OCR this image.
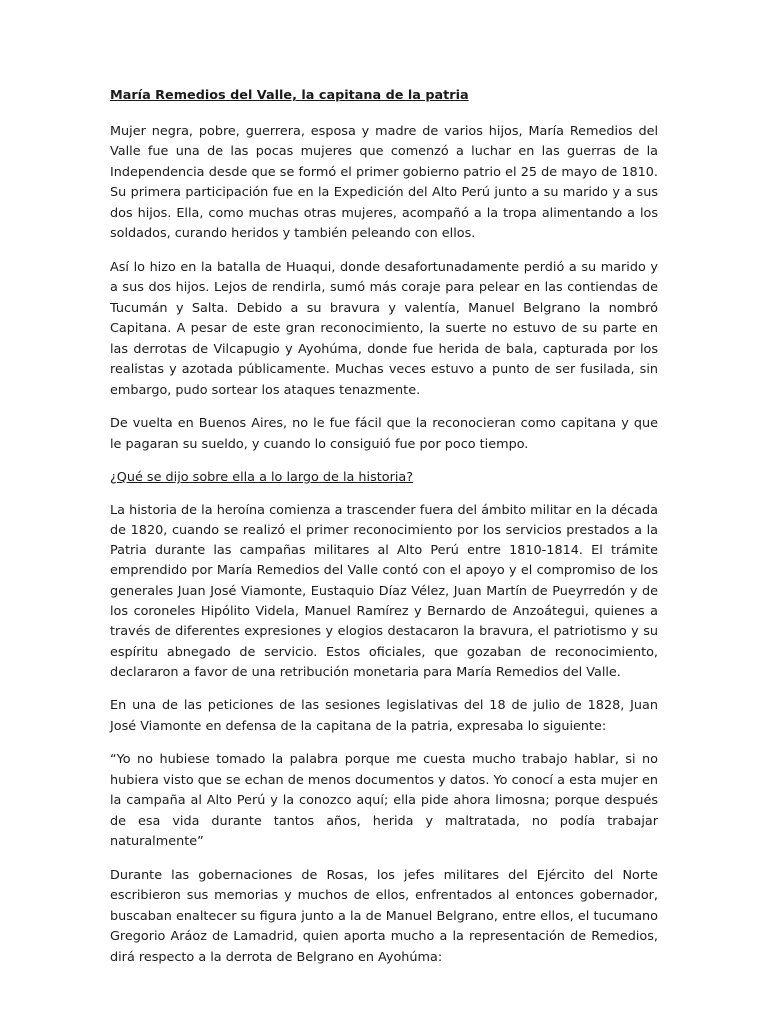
María Remedios del Valle, la capitana de la patria

Mujer negra, pobre, guerrera, esposa y madre de varios hijos, María Remedios del Valle fue una de las pocas mujeres que comenzó a luchar en las guerras de la Independencia desde que se formó el primer gobierno patrio el 25 de mayo de 1810. Su primera participación fue en la Expedición del Alto Perú junto a su marido y a sus dos hijos. Ella, como muchas otras mujeres, acompañó a la tropa alimentando a los soldados, curando heridos y también peleando con ellos.

Así lo hizo en la batalla de Huaqui, donde desafortunadamente perdió a su marido y a sus dos hijos. Lejos de rendirla, sumó más coraje para pelear en las contiendas de Tucumán y Salta. Debido a su bravura y valentía, Manuel Belgrano la nombró Capitana. A pesar de este gran reconocimiento, la suerte no estuvo de su parte en las derrotas de Vilcapugio y Ayohúma, donde fue herida de bala, capturada por los realistas y azotada públicamente. Muchas veces estuvo a punto de ser fusilada, sin embargo, pudo sortear los ataques tenazmente.

De vuelta en Buenos Aires, no le fue fácil que la reconocieran como capitana y que le pagaran su sueldo, y cuando lo consiguió fue por poco tiempo.

¿Qué se dijo sobre ella a lo largo de la historia?

La historia de la heroína comienza a trascender fuera del ámbito militar en la década de 1820, cuando se realizó el primer reconocimiento por los servicios prestados a la Patria durante las campañas militares al Alto Perú entre 1810-1814. El trámite emprendido por María Remedios del Valle contó con el apoyo y el compromiso de los generales Juan José Viamonte, Eustaquio Díaz Vélez, Juan Martín de Pueyrredón y de los coroneles Hipólito Videla, Manuel Ramírez y Bernardo de Anzoátegui, quienes a través de diferentes expresiones y elogios destacaron la bravura, el patriotismo y su espíritu abnegado de servicio. Estos oficiales, que gozaban de reconocimiento, declararon a favor de una retribución monetaria para María Remedios del Valle.

En una de las peticiones de las sesiones legislativas del 18 de julio de 1828, Juan José Viamonte en defensa de la capitana de la patria, expresaba lo siguiente:

“Yo no hubiese tomado la palabra porque me cuesta mucho trabajo hablar, si no hubiera visto que se echan de menos documentos y datos. Yo conocí a esta mujer en la campaña al Alto Perú y la conozco aquí; ella pide ahora limosna; porque después de esa vida durante tantos años, herida y maltratada, no podía trabajar naturalmente”

Durante las gobernaciones de Rosas, los jefes militares del Ejército del Norte escribieron sus memorias y muchos de ellos, enfrentados al entonces gobernador, buscaban enaltecer su figura junto a la de Manuel Belgrano, entre ellos, el tucumano Gregorio Aráoz de Lamadrid, quien aporta mucho a la representación de Remedios, dirá respecto a la derrota de Belgrano en Ayohúma:
